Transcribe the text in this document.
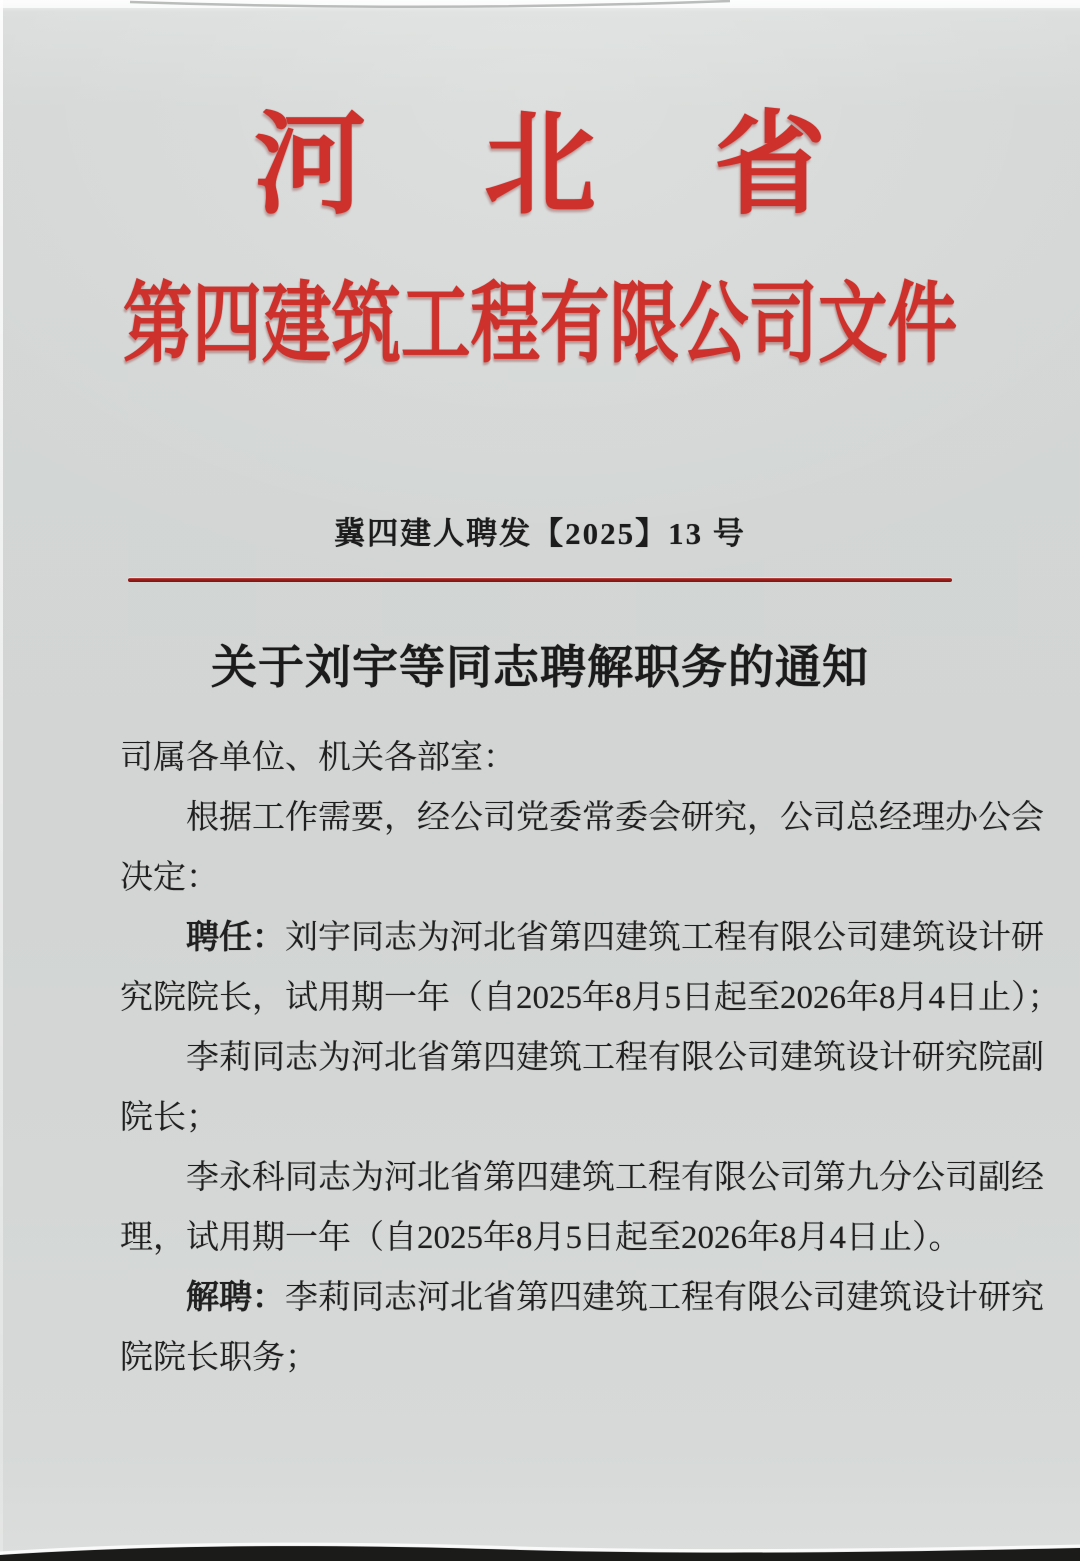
河北省
第四建筑工程有限公司文件
冀四建人聘发【2025】13 号
关于刘宇等同志聘解职务的通知

司属各单位、机关各部室：

根据工作需要，经公司党委常委会研究，公司总经理办公会

决定：

聘任：刘宇同志为河北省第四建筑工程有限公司建筑设计研

究院院长，试用期一年（自2025年8月5日起至2026年8月4日止）；

李莉同志为河北省第四建筑工程有限公司建筑设计研究院副

院长；

李永科同志为河北省第四建筑工程有限公司第九分公司副经

理，试用期一年（自2025年8月5日起至2026年8月4日止）。

解聘：李莉同志河北省第四建筑工程有限公司建筑设计研究

院院长职务；
